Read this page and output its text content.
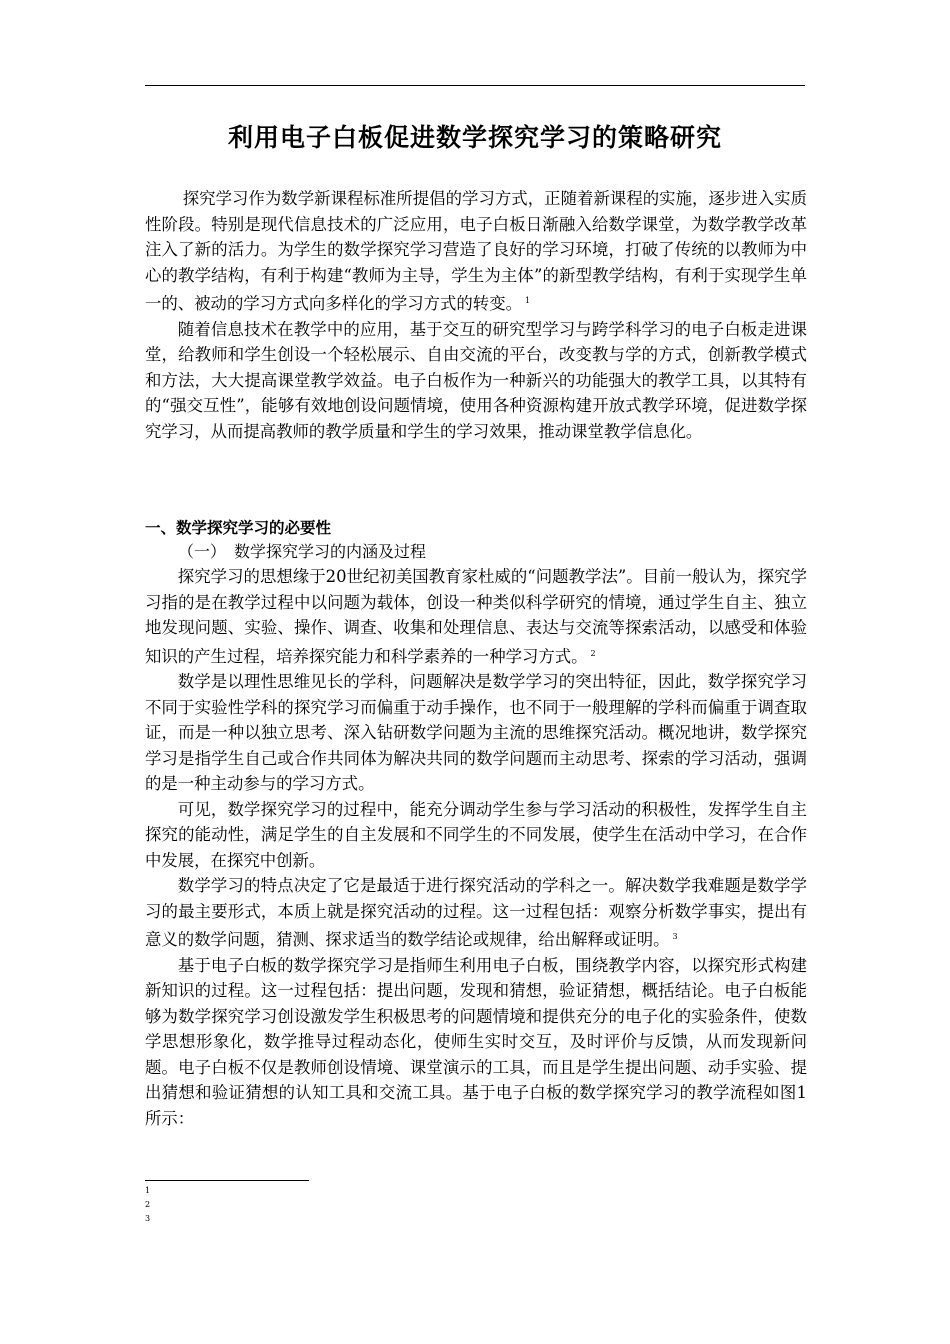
利用电子白板促进数学探究学习的策略研究

探究学习作为数学新课程标准所提倡的学习方式，正随着新课程的实施，逐步进入实质性阶段。特别是现代信息技术的广泛应用，电子白板日渐融入给数学课堂，为数学教学改革注入了新的活力。为学生的数学探究学习营造了良好的学习环境，打破了传统的以教师为中心的教学结构，有利于构建“教师为主导，学生为主体”的新型教学结构，有利于实现学生单一的、被动的学习方式向多样化的学习方式的转变。 $^1$

随着信息技术在教学中的应用，基于交互的研究型学习与跨学科学习的电子白板走进课堂，给教师和学生创设一个轻松展示、自由交流的平台，改变教与学的方式，创新教学模式和方法，大大提高课堂教学效益。电子白板作为一种新兴的功能强大的教学工具，以其特有的“强交互性”，能够有效地创设问题情境，使用各种资源构建开放式教学环境，促进数学探究学习，从而提高教师的教学质量和学生的学习效果，推动课堂教学信息化。

一、数学探究学习的必要性
（一）　数学探究学习的内涵及过程

探究学习的思想缘于20世纪初美国教育家杜威的“问题教学法”。目前一般认为，探究学习指的是在教学过程中以问题为载体，创设一种类似科学研究的情境，通过学生自主、独立地发现问题、实验、操作、调查、收集和处理信息、表达与交流等探索活动，以感受和体验知识的产生过程，培养探究能力和科学素养的一种学习方式。 $^2$

数学是以理性思维见长的学科，问题解决是数学学习的突出特征，因此，数学探究学习不同于实验性学科的探究学习而偏重于动手操作，也不同于一般理解的学科而偏重于调查取证，而是一种以独立思考、深入钻研数学问题为主流的思维探究活动。概况地讲，数学探究学习是指学生自己或合作共同体为解决共同的数学问题而主动思考、探索的学习活动，强调的是一种主动参与的学习方式。

可见，数学探究学习的过程中，能充分调动学生参与学习活动的积极性，发挥学生自主探究的能动性，满足学生的自主发展和不同学生的不同发展，使学生在活动中学习，在合作中发展，在探究中创新。

数学学习的特点决定了它是最适于进行探究活动的学科之一。解决数学我难题是数学学习的最主要形式，本质上就是探究活动的过程。这一过程包括：观察分析数学事实，提出有意义的数学问题，猜测、探求适当的数学结论或规律，给出解释或证明。 $^3$

基于电子白板的数学探究学习是指师生利用电子白板，围绕教学内容，以探究形式构建新知识的过程。这一过程包括：提出问题，发现和猜想，验证猜想，概括结论。电子白板能够为数学探究学习创设激发学生积极思考的问题情境和提供充分的电子化的实验条件，使数学思想形象化，数学推导过程动态化，使师生实时交互，及时评价与反馈，从而发现新问题。电子白板不仅是教师创设情境、课堂演示的工具，而且是学生提出问题、动手实验、提出猜想和验证猜想的认知工具和交流工具。基于电子白板的数学探究学习的教学流程如图1所示：

1

2

3
